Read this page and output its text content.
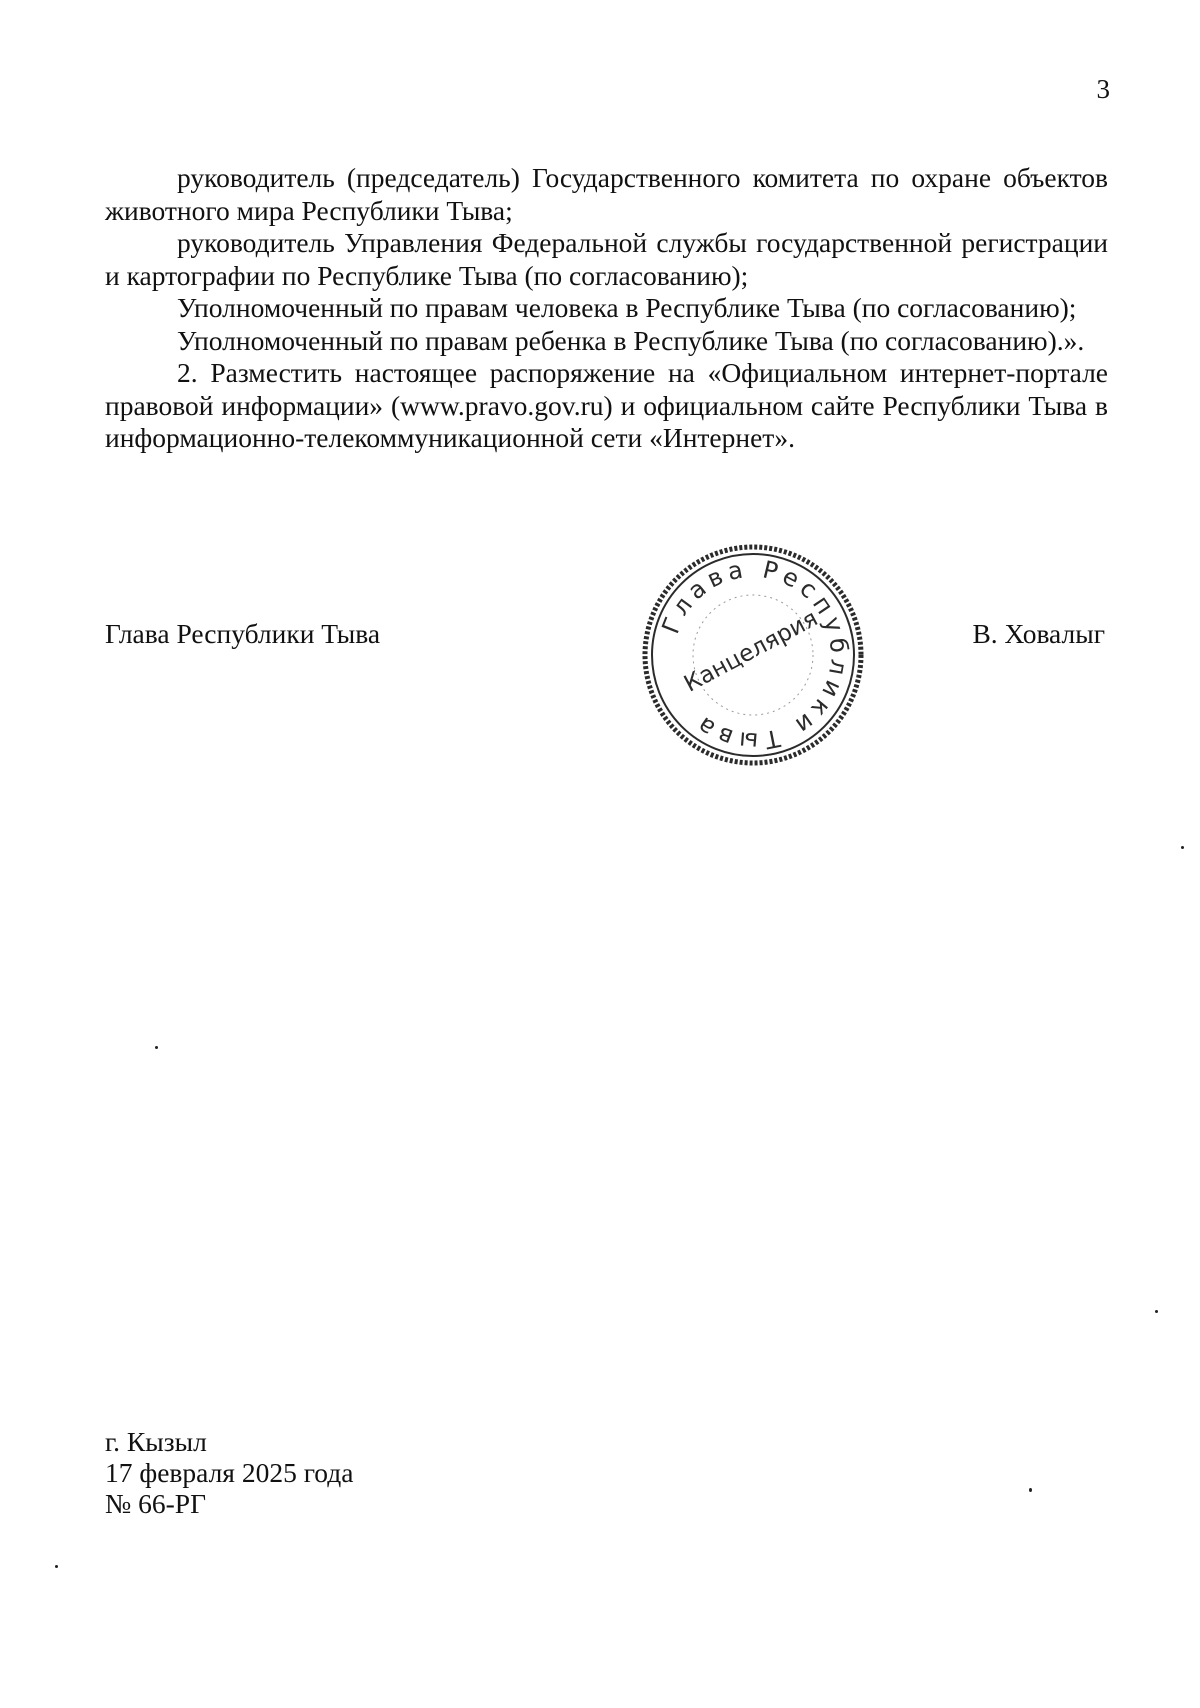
3

руководитель (председатель) Государственного комитета по охране объектов животного мира Республики Тыва;

руководитель Управления Федеральной службы государственной регистрации и картографии по Республике Тыва (по согласованию);

Уполномоченный по правам человека в Республике Тыва (по согласованию);

Уполномоченный по правам ребенка в Республике Тыва (по согласованию).».

2. Разместить настоящее распоряжение на «Официальном интернет-портале правовой информации» (www.pravo.gov.ru) и официальном сайте Республики Тыва в информационно-телекоммуникационной сети «Интернет».

Глава Республики Тыва	В. Ховалыг
Глава Республики Тыва
Канцелярия
г. Кызыл
17 февраля 2025 года
№ 66-РГ
